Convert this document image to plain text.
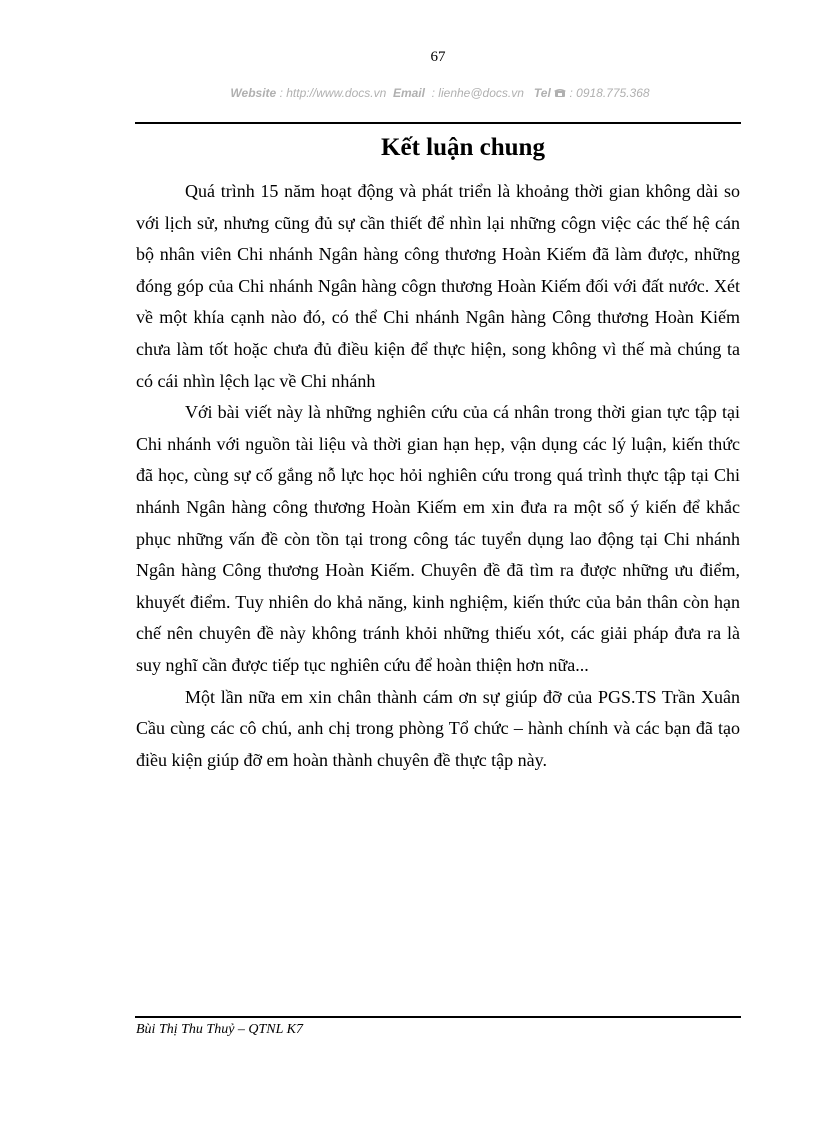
67
Website : http://www.docs.vn Email : lienhe@docs.vn Tel : 0918.775.368
Kết luận chung

Quá trình 15 năm hoạt động và phát triển là khoảng thời gian không dài so với lịch sử, nhưng cũng đủ sự cần thiết để nhìn lại những côgn việc các thế hệ cán bộ nhân viên Chi nhánh Ngân hàng công thương Hoàn Kiếm đã làm được, những đóng góp của Chi nhánh Ngân hàng côgn thương Hoàn Kiếm đối với đất nước. Xét về một khía cạnh nào đó, có thể Chi nhánh Ngân hàng Công thương Hoàn Kiếm chưa làm tốt hoặc chưa đủ điều kiện để thực hiện, song không vì thế mà chúng ta có cái nhìn lệch lạc về Chi nhánh

Với bài viết này là những nghiên cứu của cá nhân trong thời gian tực tập tại Chi nhánh với nguồn tài liệu và thời gian hạn hẹp, vận dụng các lý luận, kiến thức đã học, cùng sự cố gắng nỗ lực học hỏi nghiên cứu trong quá trình thực tập tại Chi nhánh Ngân hàng công thương Hoàn Kiếm em xin đưa ra một số ý kiến để khắc phục những vấn đề còn tồn tại trong công tác tuyển dụng lao động tại Chi nhánh Ngân hàng Công thương Hoàn Kiếm. Chuyên đề đã tìm ra được những ưu điểm, khuyết điểm. Tuy nhiên do khả năng, kinh nghiệm, kiến thức của bản thân còn hạn chế nên chuyên đề này không tránh khỏi những thiếu xót, các giải pháp đưa ra là suy nghĩ cần được tiếp tục nghiên cứu để hoàn thiện hơn nữa...

Một lần nữa em xin chân thành cám ơn sự giúp đỡ của PGS.TS Trần Xuân Cầu cùng các cô chú, anh chị trong phòng Tổ chức – hành chính và các bạn đã tạo điều kiện giúp đỡ em hoàn thành chuyên đề thực tập này.

Bùi Thị Thu Thuỷ – QTNL K7
